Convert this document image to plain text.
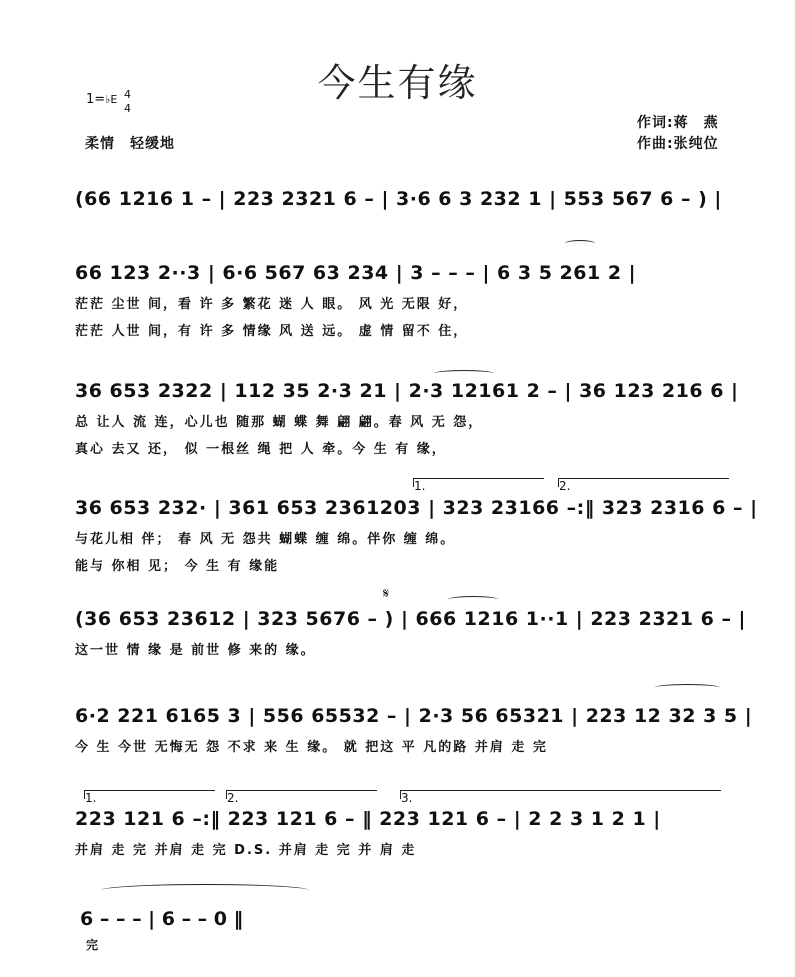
今生有缘
1=♭E 4
4
柔情　轻缓地
作词:蒋　燕
作曲:张纯位
(66 1216 1 – | 223 2321 6 – | 3·6 6 3 232 1 | 553 567 6 – ) |
66 123 2··3 | 6·6 567 63 234 | 3 – – – | 6 3 5 261 2 |
茫茫 尘世 间，看 许 多 繁花 迷 人 眼。 风 光 无限 好，
茫茫 人世 间，有 许 多 情缘 风 送 远。 虚 情 留不 住，
36 653 2322 | 112 35 2·3 21 | 2·3 12161 2 – | 36 123 216 6 |
总 让人 流 连，心儿也 随那 蝴 蝶 舞 翩 翩。春 风 无 怨，
真心 去又 还， 似 一根丝 绳 把 人 牵。今 生 有 缘，
36 653 232· | 361 653 2361203 | 323 23166 –:‖ 323 2316 6 – |
与花儿相 伴； 春 风 无 怨共 蝴蝶 缠 绵。伴你 缠 绵。
能与 你相 见； 今 生 有 缘能
(36 653 23612 | 323 5676 – ) | 666 1216 1··1 | 223 2321 6 – |
这一世 情 缘 是 前世 修 来的 缘。
6·2 221 6165 3 | 556 65532 – | 2·3 56 65321 | 223 12 32 3 5 |
今 生 今世 无悔无 怨 不求 来 生 缘。 就 把这 平 凡的路 并肩 走 完
223 121 6 –:‖ 223 121 6 – ‖ 223 121 6 – | 2 2 3 1 2 1 |
并肩 走 完 并肩 走 完 D.S. 并肩 走 完 并 肩 走
1.	2.
1.	2.	3.
𝄋
6 – – – | 6 – – 0 ‖
完
